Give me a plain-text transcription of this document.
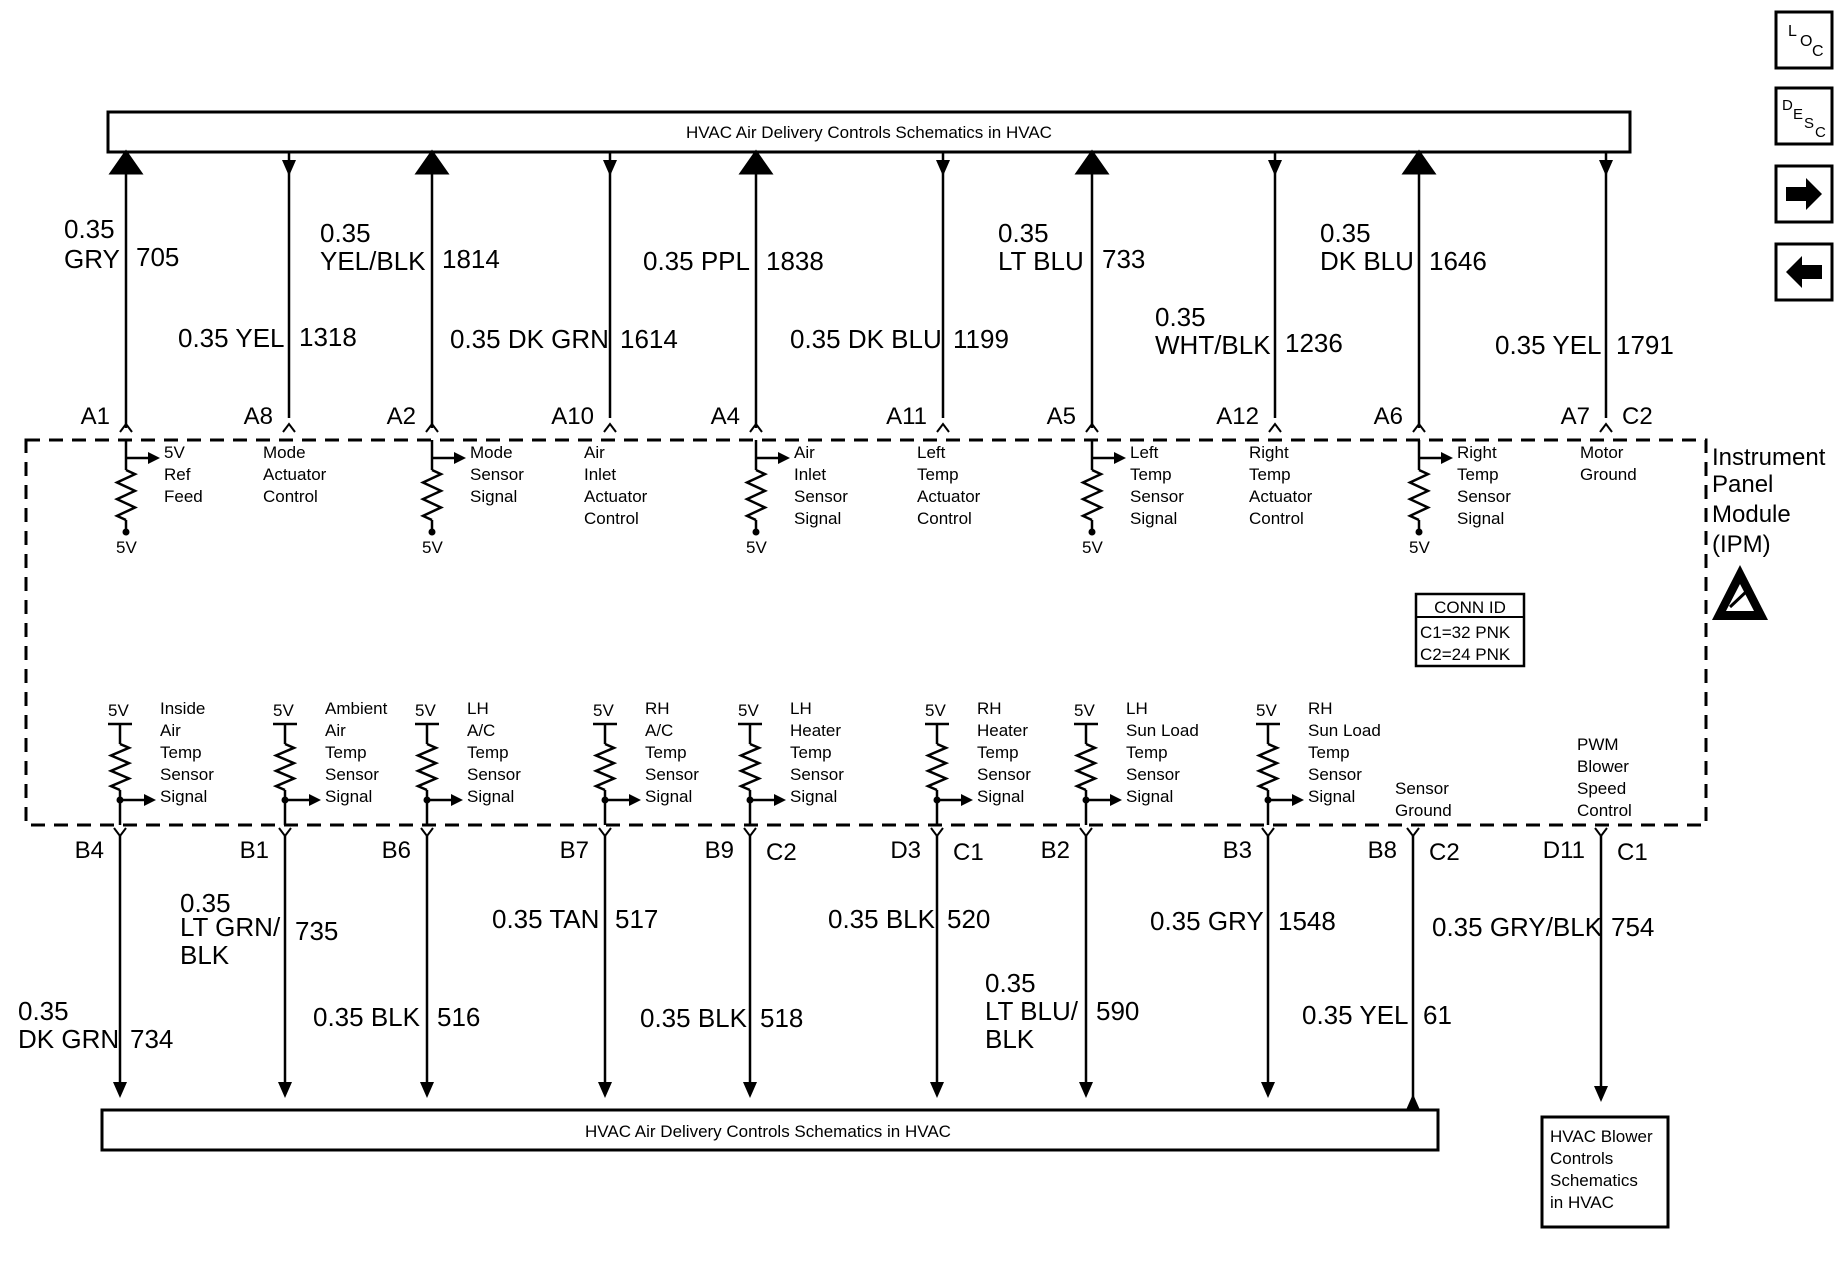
HVAC Air Delivery Controls Schematics in HVAC
Instrument Panel Module (IPM)
CONN ID
C1=32 PNK
C2=24 PNK
HVAC Air Delivery Controls Schematics in HVAC	HVAC Blower Controls Schematics in HVAC
L
O
C
D
E
S
C
0.35
GRY 705
A1
0.35 YEL 1318
A8
0.35
YEL/BLK 1814
A2
0.35 DK GRN 1614
A10
0.35 PPL 1838
A4
0.35 DK BLU 1199
A11
0.35
LT BLU 733
A5
0.35
WHT/BLK 1236
A12
0.35
DK BLU 1646
A6
0.35 YEL 1791
A7 C2
5V
5V
Ref
Feed
Mode
Actuator
Control
5V
Mode
Sensor
Signal
Air
Inlet
Actuator
Control
5V
Air
Inlet
Sensor
Signal
Left
Temp
Actuator
Control
5V
Left
Temp
Sensor
Signal
Right
Temp
Actuator
Control
5V
Right
Temp
Sensor
Signal
Motor
Ground
5V Inside
Air
Temp
Sensor
Signal
5V Ambient
Air
Temp
Sensor
Signal
5V LH
A/C
Temp
Sensor
Signal
5V RH
A/C
Temp
Sensor
Signal
5V LH
Heater
Temp
Sensor
Signal
5V RH
Heater
Temp
Sensor
Signal
5V LH
Sun Load
Temp
Sensor
Signal
5V RH
Sun Load
Temp
Sensor
Signal Sensor
Ground
PWM
Blower
Speed
Control
0.35
DK GRN 734
B4
0.35
LT GRN/
BLK
735
B1
0.35 BLK 516
B6
0.35 TAN 517
B7
0.35 BLK 518
B9 C2
0.35 BLK 520
D3 C1
0.35
LT BLU/
BLK
590
B2
0.35 GRY 1548
B3
0.35 YEL 61
B8 C2
0.35 GRY/BLK 754
D11 C1
